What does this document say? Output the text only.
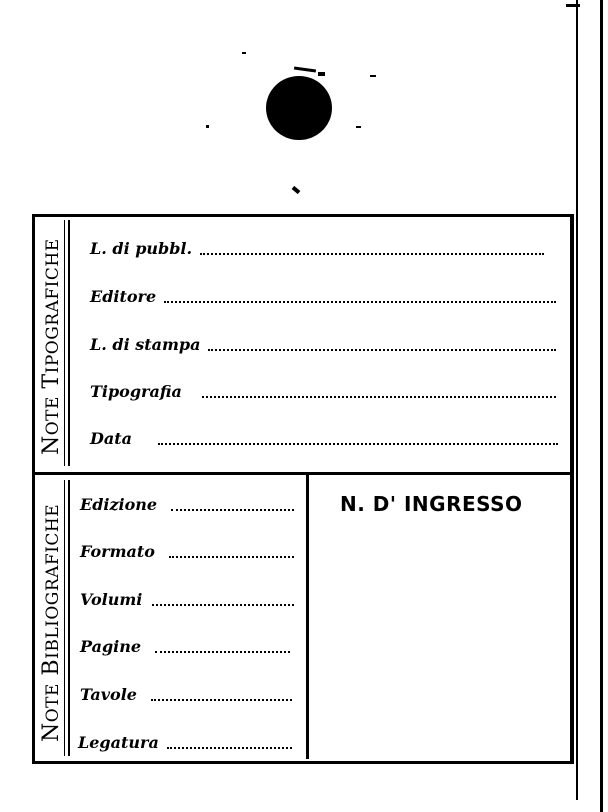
NOTE TIPOGRAFICHE
NOTE BIBLIOGRAFICHE
L. di pubbl.
Editore
L. di stampa
Tipografia
Data
Edizione
Formato
Volumi
Pagine
Tavole
Legatura
N. D' INGRESSO
